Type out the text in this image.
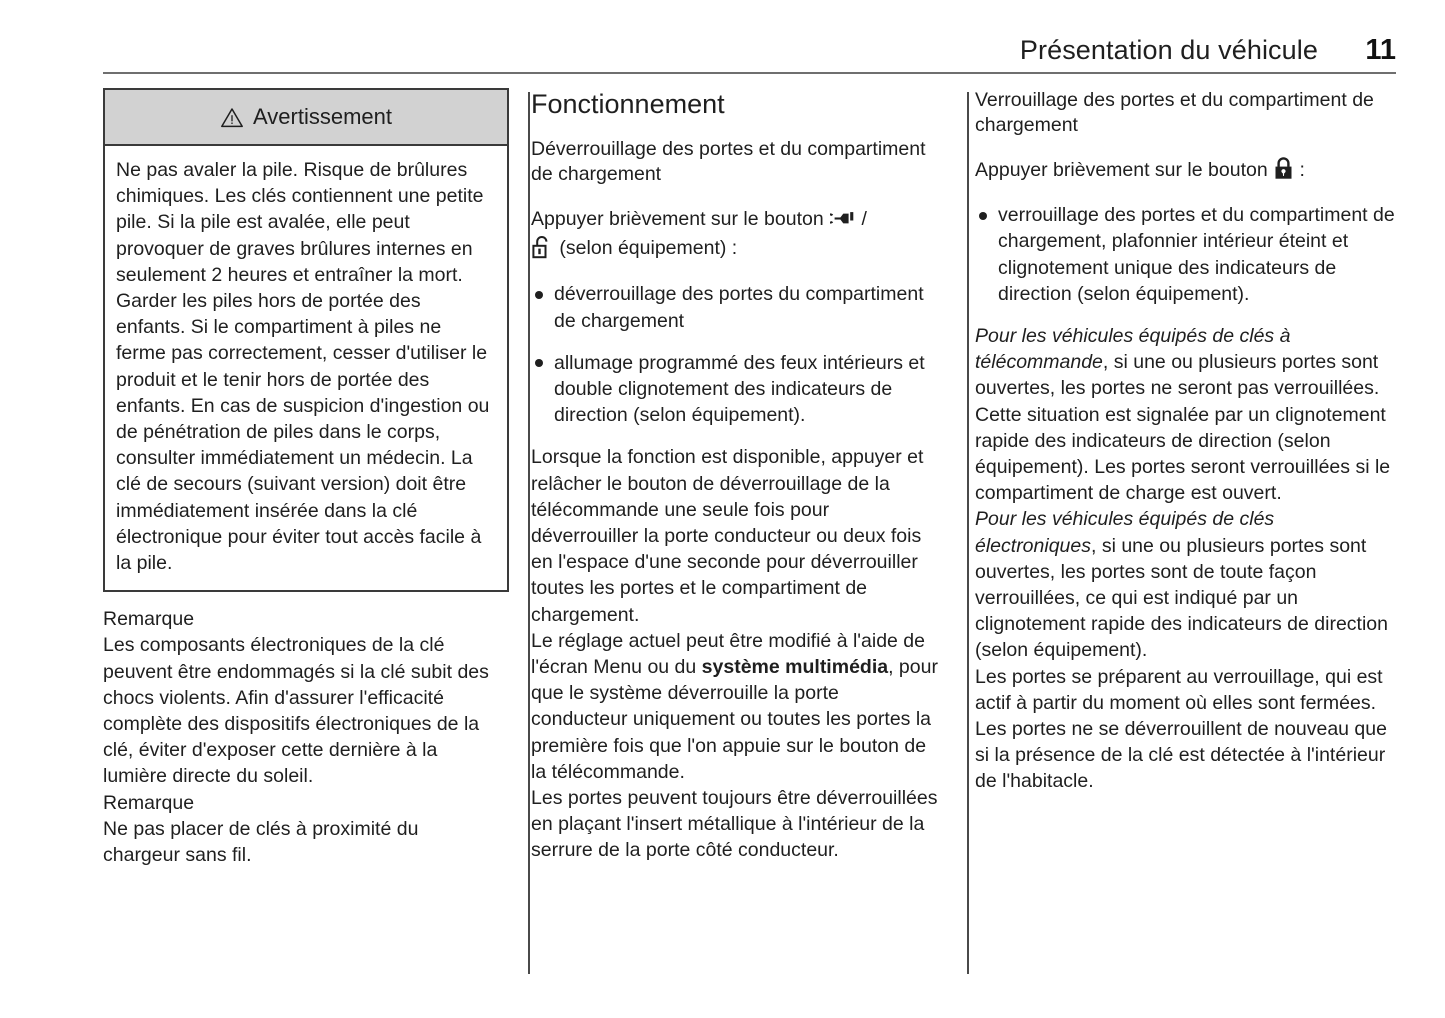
Présentation du véhicule	11
Avertissement
Ne pas avaler la pile. Risque de brûlures chimiques. Les clés contiennent une petite pile. Si la pile est avalée, elle peut provoquer de graves brûlures internes en seulement 2 heures et entraîner la mort. Garder les piles hors de portée des enfants. Si le compartiment à piles ne ferme pas correctement, cesser d'utiliser le produit et le tenir hors de portée des enfants. En cas de suspicion d'ingestion ou de pénétration de piles dans le corps, consulter immédiatement un médecin. La clé de secours (suivant version) doit être immédiatement insérée dans la clé électronique pour éviter tout accès facile à la pile.
Remarque
Les composants électroniques de la clé peuvent être endommagés si la clé subit des chocs violents. Afin d'assurer l'efficacité complète des dispositifs électroniques de la clé, éviter d'exposer cette dernière à la lumière directe du soleil.
Remarque
Ne pas placer de clés à proximité du chargeur sans fil.
Fonctionnement
Déverrouillage des portes et du compartiment de chargement
Appuyer brièvement sur le bouton /
(selon équipement) :
déverrouillage des portes du compartiment de chargement
allumage programmé des feux intérieurs et double clignotement des indicateurs de direction (selon équipement).
Lorsque la fonction est disponible, appuyer et relâcher le bouton de déverrouillage de la télécommande une seule fois pour déverrouiller la porte conducteur ou deux fois en l'espace d'une seconde pour déverrouiller toutes les portes et le compartiment de chargement.
Le réglage actuel peut être modifié à l'aide de l'écran Menu ou du système multimédia, pour que le système déverrouille la porte conducteur uniquement ou toutes les portes la première fois que l'on appuie sur le bouton de la télécommande.
Les portes peuvent toujours être déverrouillées en plaçant l'insert métallique à l'intérieur de la serrure de la porte côté conducteur.
Verrouillage des portes et du compartiment de chargement
Appuyer brièvement sur le bouton :
verrouillage des portes et du compartiment de chargement, plafonnier intérieur éteint et clignotement unique des indicateurs de direction (selon équipement).
Pour les véhicules équipés de clés à télécommande, si une ou plusieurs portes sont ouvertes, les portes ne seront pas verrouillées.
Cette situation est signalée par un clignotement rapide des indicateurs de direction (selon équipement). Les portes seront verrouillées si le compartiment de charge est ouvert.
Pour les véhicules équipés de clés électroniques, si une ou plusieurs portes sont ouvertes, les portes sont de toute façon verrouillées, ce qui est indiqué par un clignotement rapide des indicateurs de direction (selon équipement).
Les portes se préparent au verrouillage, qui est actif à partir du moment où elles sont fermées. Les portes ne se déverrouillent de nouveau que si la présence de la clé est détectée à l'intérieur de l'habitacle.
